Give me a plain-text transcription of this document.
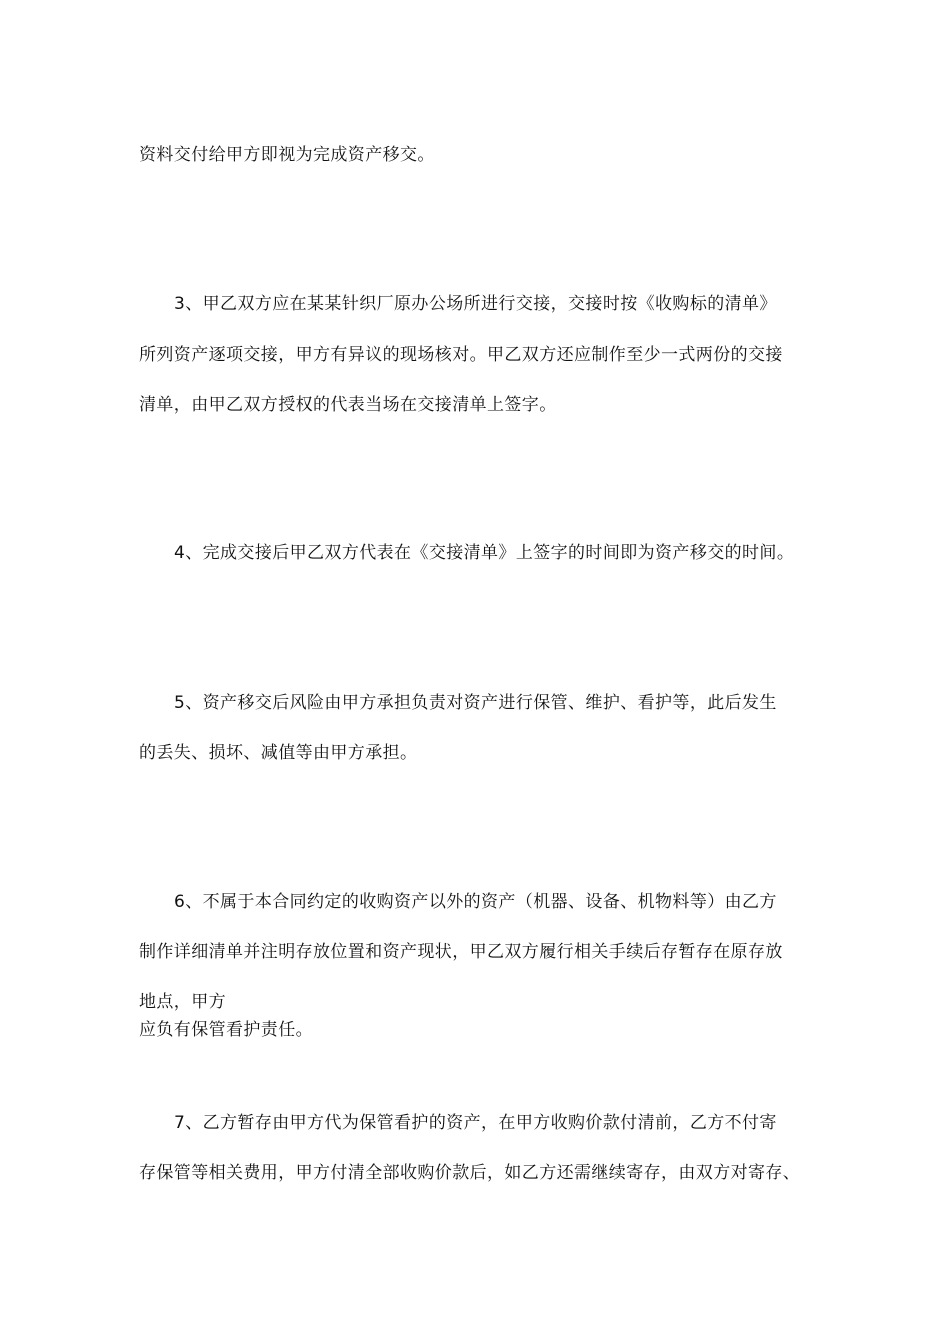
资料交付给甲方即视为完成资产移交。
3、甲乙双方应在某某针织厂原办公场所进行交接，交接时按《收购标的清单》
所列资产逐项交接，甲方有异议的现场核对。甲乙双方还应制作至少一式两份的交接
清单，由甲乙双方授权的代表当场在交接清单上签字。
4、完成交接后甲乙双方代表在《交接清单》上签字的时间即为资产移交的时间。
5、资产移交后风险由甲方承担负责对资产进行保管、维护、看护等，此后发生
的丢失、损坏、减值等由甲方承担。
6、不属于本合同约定的收购资产以外的资产（机器、设备、机物料等）由乙方
制作详细清单并注明存放位置和资产现状，甲乙双方履行相关手续后存暂存在原存放
地点，甲方
应负有保管看护责任。
7、乙方暂存由甲方代为保管看护的资产，在甲方收购价款付清前，乙方不付寄
存保管等相关费用，甲方付清全部收购价款后，如乙方还需继续寄存，由双方对寄存、
